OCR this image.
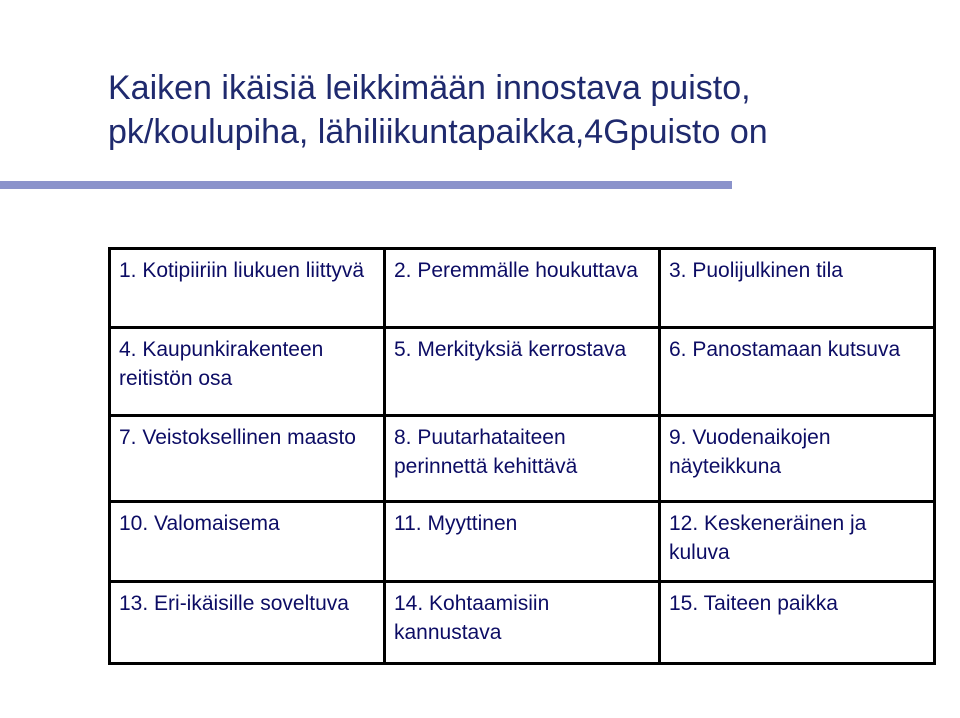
Kaiken ikäisiä leikkimään innostava puisto,
pk/koulupiha, lähiliikuntapaikka,4Gpuisto on
1. Kotipiiriin liukuen liittyvä	2. Peremmälle houkuttava	3. Puolijulkinen tila
4. Kaupunkirakenteen reitistön osa	5. Merkityksiä kerrostava	6. Panostamaan kutsuva
7. Veistoksellinen maasto	8. Puutarhataiteen perinnettä kehittävä	9. Vuodenaikojen näyteikkuna
10. Valomaisema	11. Myyttinen	12. Keskeneräinen ja kuluva
13. Eri-ikäisille soveltuva	14. Kohtaamisiin kannustava	15. Taiteen paikka
